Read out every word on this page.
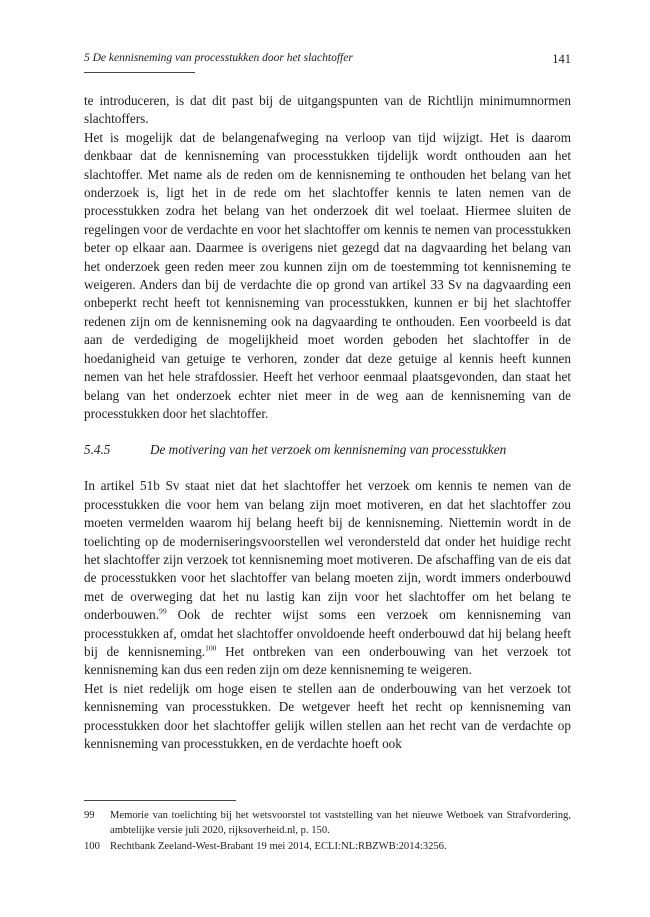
5 De kennisneming van processtukken door het slachtoffer	141

te introduceren, is dat dit past bij de uitgangspunten van de Richtlijn minimumnormen slachtoffers.

Het is mogelijk dat de belangenafweging na verloop van tijd wijzigt. Het is daarom denkbaar dat de kennisneming van processtukken tijdelijk wordt onthouden aan het slachtoffer. Met name als de reden om de kennisneming te onthouden het belang van het onderzoek is, ligt het in de rede om het slachtoffer kennis te laten nemen van de processtukken zodra het belang van het onderzoek dit wel toelaat. Hiermee sluiten de regelingen voor de verdachte en voor het slachtoffer om kennis te nemen van processtukken beter op elkaar aan. Daarmee is overigens niet gezegd dat na dagvaarding het belang van het onderzoek geen reden meer zou kunnen zijn om de toestemming tot kennisneming te weigeren. Anders dan bij de verdachte die op grond van artikel 33 Sv na dagvaarding een onbeperkt recht heeft tot kennisneming van processtukken, kunnen er bij het slachtoffer redenen zijn om de kennisneming ook na dagvaarding te onthouden. Een voorbeeld is dat aan de verdediging de mogelijkheid moet worden geboden het slachtoffer in de hoedanigheid van getuige te verhoren, zonder dat deze getuige al kennis heeft kunnen nemen van het hele strafdossier. Heeft het verhoor eenmaal plaatsgevonden, dan staat het belang van het onderzoek echter niet meer in de weg aan de kennisneming van de processtukken door het slachtoffer.

5.4.5	De motivering van het verzoek om kennisneming van processtukken

In artikel 51b Sv staat niet dat het slachtoffer het verzoek om kennis te nemen van de processtukken die voor hem van belang zijn moet motiveren, en dat het slachtoffer zou moeten vermelden waarom hij belang heeft bij de kennisneming. Niettemin wordt in de toelichting op de moderniseringsvoorstellen wel verondersteld dat onder het huidige recht het slachtoffer zijn verzoek tot kennisneming moet motiveren. De afschaffing van de eis dat de processtukken voor het slachtoffer van belang moeten zijn, wordt immers onderbouwd met de overweging dat het nu lastig kan zijn voor het slachtoffer om het belang te onderbouwen.$^{99}$ Ook de rechter wijst soms een verzoek om kennisneming van processtukken af, omdat het slachtoffer onvoldoende heeft onderbouwd dat hij belang heeft bij de kennisneming.$^{100}$ Het ontbreken van een onderbouwing van het verzoek tot kennisneming kan dus een reden zijn om deze kennisneming te weigeren.

Het is niet redelijk om hoge eisen te stellen aan de onderbouwing van het verzoek tot kennisneming van processtukken. De wetgever heeft het recht op kennisneming van processtukken door het slachtoffer gelijk willen stellen aan het recht van de verdachte op kennisneming van processtukken, en de verdachte hoeft ook

99 Memorie van toelichting bij het wetsvoorstel tot vaststelling van het nieuwe Wetboek van Strafvordering, ambtelijke versie juli 2020, rijksoverheid.nl, p. 150.
100 Rechtbank Zeeland-West-Brabant 19 mei 2014, ECLI:NL:RBZWB:2014:3256.
